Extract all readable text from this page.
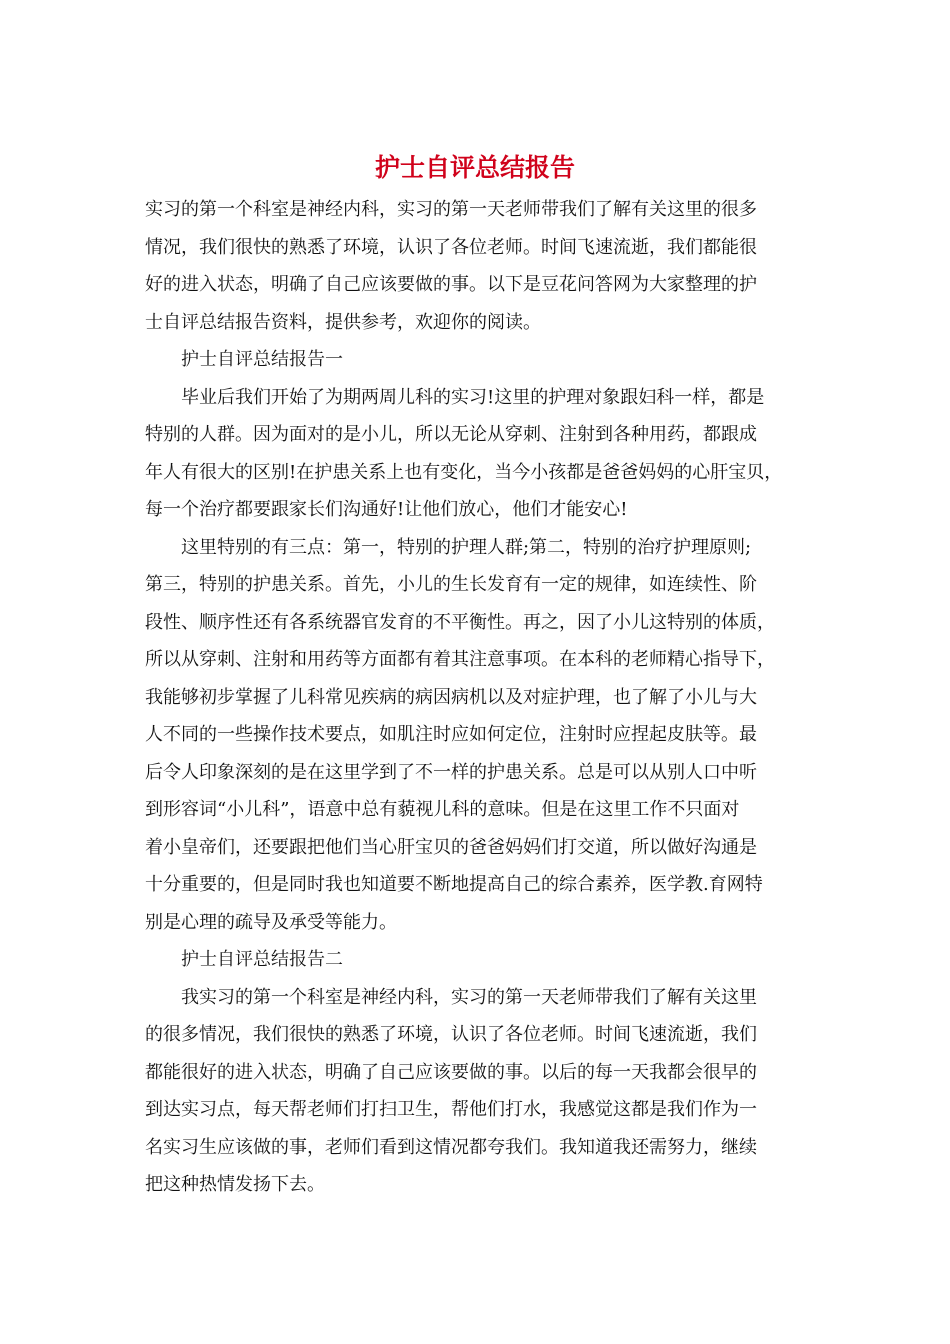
护士自评总结报告
实习的第一个科室是神经内科，实习的第一天老师带我们了解有关这里的很多
情况，我们很快的熟悉了环境，认识了各位老师。时间飞速流逝，我们都能很
好的进入状态，明确了自己应该要做的事。以下是豆花问答网为大家整理的护
士自评总结报告资料，提供参考，欢迎你的阅读。
护士自评总结报告一
毕业后我们开始了为期两周儿科的实习!这里的护理对象跟妇科一样，都是
特别的人群。因为面对的是小儿，所以无论从穿刺、注射到各种用药，都跟成
年人有很大的区别!在护患关系上也有变化，当今小孩都是爸爸妈妈的心肝宝贝，
每一个治疗都要跟家长们沟通好!让他们放心，他们才能安心!
这里特别的有三点：第一，特别的护理人群;第二，特别的治疗护理原则;
第三，特别的护患关系。首先，小儿的生长发育有一定的规律，如连续性、阶
段性、顺序性还有各系统器官发育的不平衡性。再之，因了小儿这特别的体质，
所以从穿刺、注射和用药等方面都有着其注意事项。在本科的老师精心指导下，
我能够初步掌握了儿科常见疾病的病因病机以及对症护理，也了解了小儿与大
人不同的一些操作技术要点，如肌注时应如何定位，注射时应捏起皮肤等。最
后令人印象深刻的是在这里学到了不一样的护患关系。总是可以从别人口中听
到形容词“小儿科”，语意中总有藐视儿科的意味。但是在这里工作不只面对
着小皇帝们，还要跟把他们当心肝宝贝的爸爸妈妈们打交道，所以做好沟通是
十分重要的，但是同时我也知道要不断地提高自己的综合素养，医学教.育网特
别是心理的疏导及承受等能力。
护士自评总结报告二
我实习的第一个科室是神经内科，实习的第一天老师带我们了解有关这里
的很多情况，我们很快的熟悉了环境，认识了各位老师。时间飞速流逝，我们
都能很好的进入状态，明确了自己应该要做的事。以后的每一天我都会很早的
到达实习点，每天帮老师们打扫卫生，帮他们打水，我感觉这都是我们作为一
名实习生应该做的事，老师们看到这情况都夸我们。我知道我还需努力，继续
把这种热情发扬下去。
